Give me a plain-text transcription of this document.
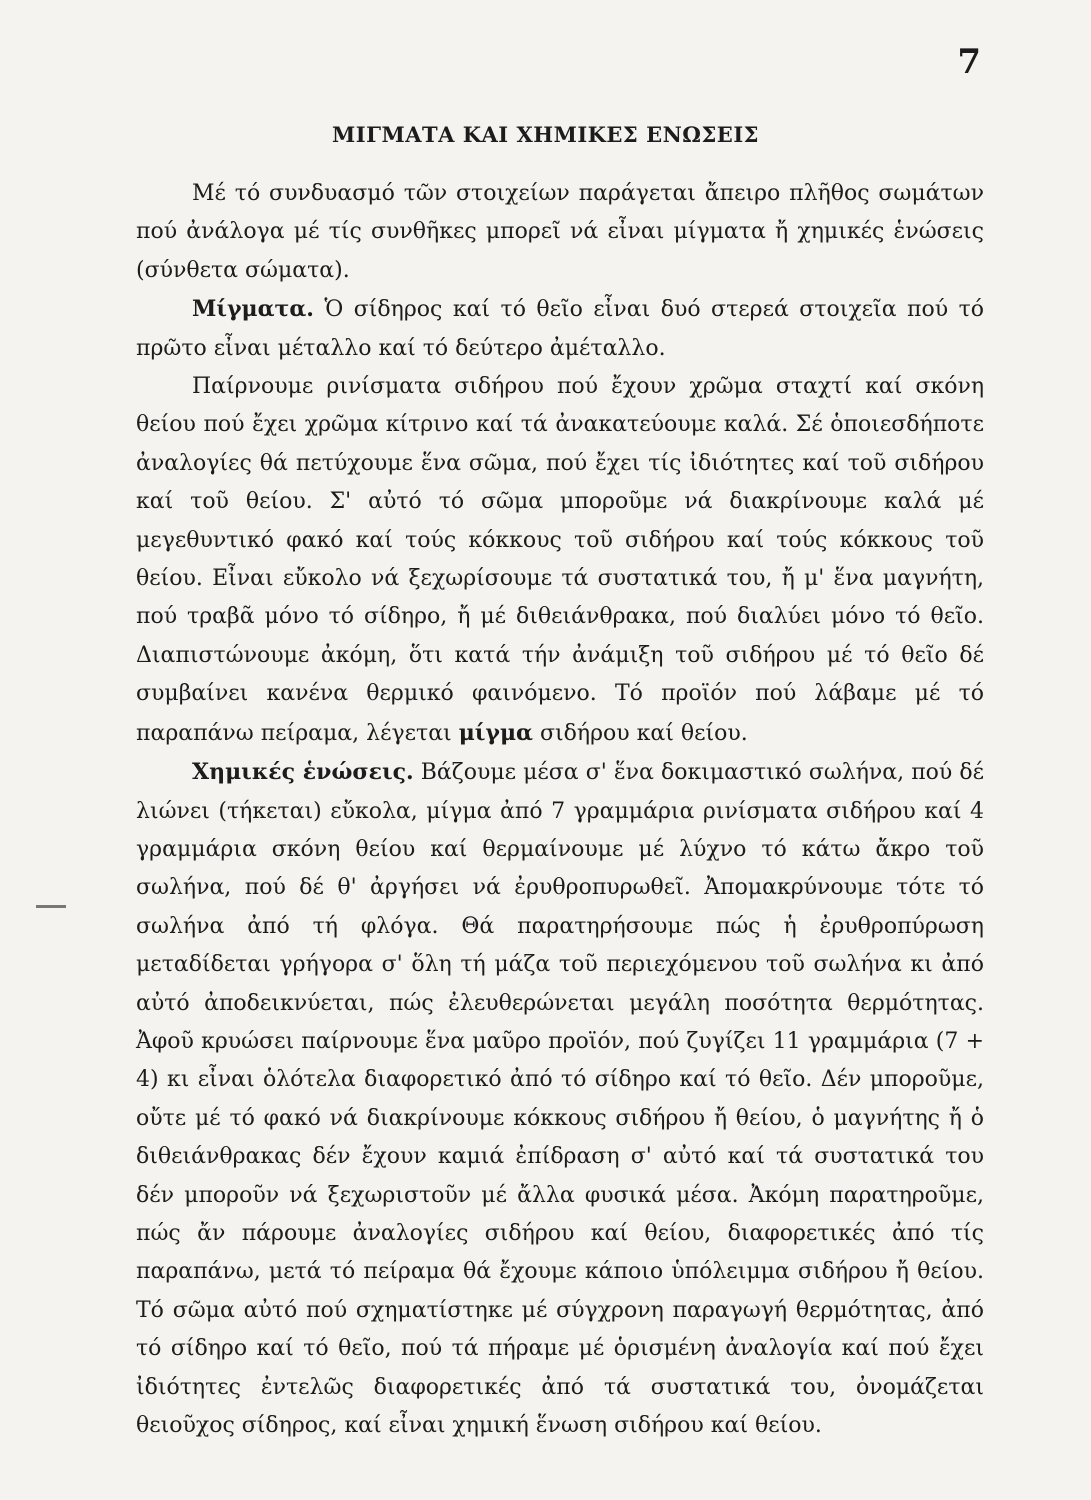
7
ΜΙΓΜΑΤΑ ΚΑΙ ΧΗΜΙΚΕΣ ΕΝΩΣΕΙΣ

Μέ τό συνδυασμό τῶν στοιχείων παράγεται ἄπειρο πλῆθος σωμάτων πού ἀνάλογα μέ τίς συνθῆκες μπορεῖ νά εἶναι μίγματα ἤ χημικές ἑνώσεις (σύνθετα σώματα).

Μίγματα. Ὁ σίδηρος καί τό θεῖο εἶναι δυό στερεά στοιχεῖα πού τό πρῶτο εἶναι μέταλλο καί τό δεύτερο ἀμέταλλο.

Παίρνουμε ρινίσματα σιδήρου πού ἔχουν χρῶμα σταχτί καί σκόνη θείου πού ἔχει χρῶμα κίτρινο καί τά ἀνακατεύουμε καλά. Σέ ὁποιεσδήποτε ἀναλογίες θά πετύχουμε ἕνα σῶμα, πού ἔχει τίς ἰδιότητες καί τοῦ σιδήρου καί τοῦ θείου. Σ' αὐτό τό σῶμα μποροῦμε νά διακρίνουμε καλά μέ μεγεθυντικό φακό καί τούς κόκκους τοῦ σιδήρου καί τούς κόκκους τοῦ θείου. Εἶναι εὔκολο νά ξεχωρίσουμε τά συστατικά του, ἤ μ' ἕνα μαγνήτη, πού τραβᾶ μόνο τό σίδηρο, ἤ μέ διθειάνθρακα, πού διαλύει μόνο τό θεῖο. Διαπιστώνουμε ἀκόμη, ὅτι κατά τήν ἀνάμιξη τοῦ σιδήρου μέ τό θεῖο δέ συμβαίνει κανένα θερμικό φαινόμενο. Τό προϊόν πού λάβαμε μέ τό παραπάνω πείραμα, λέγεται μίγμα σιδήρου καί θείου.

Χημικές ἑνώσεις. Βάζουμε μέσα σ' ἕνα δοκιμαστικό σωλήνα, πού δέ λιώνει (τήκεται) εὔκολα, μίγμα ἀπό 7 γραμμάρια ρινίσματα σιδήρου καί 4 γραμμάρια σκόνη θείου καί θερμαίνουμε μέ λύχνο τό κάτω ἄκρο τοῦ σωλήνα, πού δέ θ' ἀργήσει νά ἐρυθροπυρωθεῖ. Ἀπομακρύνουμε τότε τό σωλήνα ἀπό τή φλόγα. Θά παρατηρήσουμε πώς ἡ ἐρυθροπύρωση μεταδίδεται γρήγορα σ' ὅλη τή μάζα τοῦ περιεχόμενου τοῦ σωλήνα κι ἀπό αὐτό ἀποδεικνύεται, πώς ἐλευθερώνεται μεγάλη ποσότητα θερμότητας. Ἀφοῦ κρυώσει παίρνουμε ἕνα μαῦρο προϊόν, πού ζυγίζει 11 γραμμάρια (7 + 4) κι εἶναι ὁλότελα διαφορετικό ἀπό τό σίδηρο καί τό θεῖο. Δέν μποροῦμε, οὔτε μέ τό φακό νά διακρίνουμε κόκκους σιδήρου ἤ θείου, ὁ μαγνήτης ἤ ὁ διθειάνθρακας δέν ἔχουν καμιά ἐπίδραση σ' αὐτό καί τά συστατικά του δέν μποροῦν νά ξεχωριστοῦν μέ ἄλλα φυσικά μέσα. Ἀκόμη παρατηροῦμε, πώς ἄν πάρουμε ἀναλογίες σιδήρου καί θείου, διαφορετικές ἀπό τίς παραπάνω, μετά τό πείραμα θά ἔχουμε κάποιο ὑπόλειμμα σιδήρου ἤ θείου. Τό σῶμα αὐτό πού σχηματίστηκε μέ σύγχρονη παραγωγή θερμότητας, ἀπό τό σίδηρο καί τό θεῖο, πού τά πήραμε μέ ὁρισμένη ἀναλογία καί πού ἔχει ἰδιότητες ἐντελῶς διαφορετικές ἀπό τά συστατικά του, ὀνομάζεται θειοῦχος σίδηρος, καί εἶναι χημική ἕνωση σιδήρου καί θείου.
